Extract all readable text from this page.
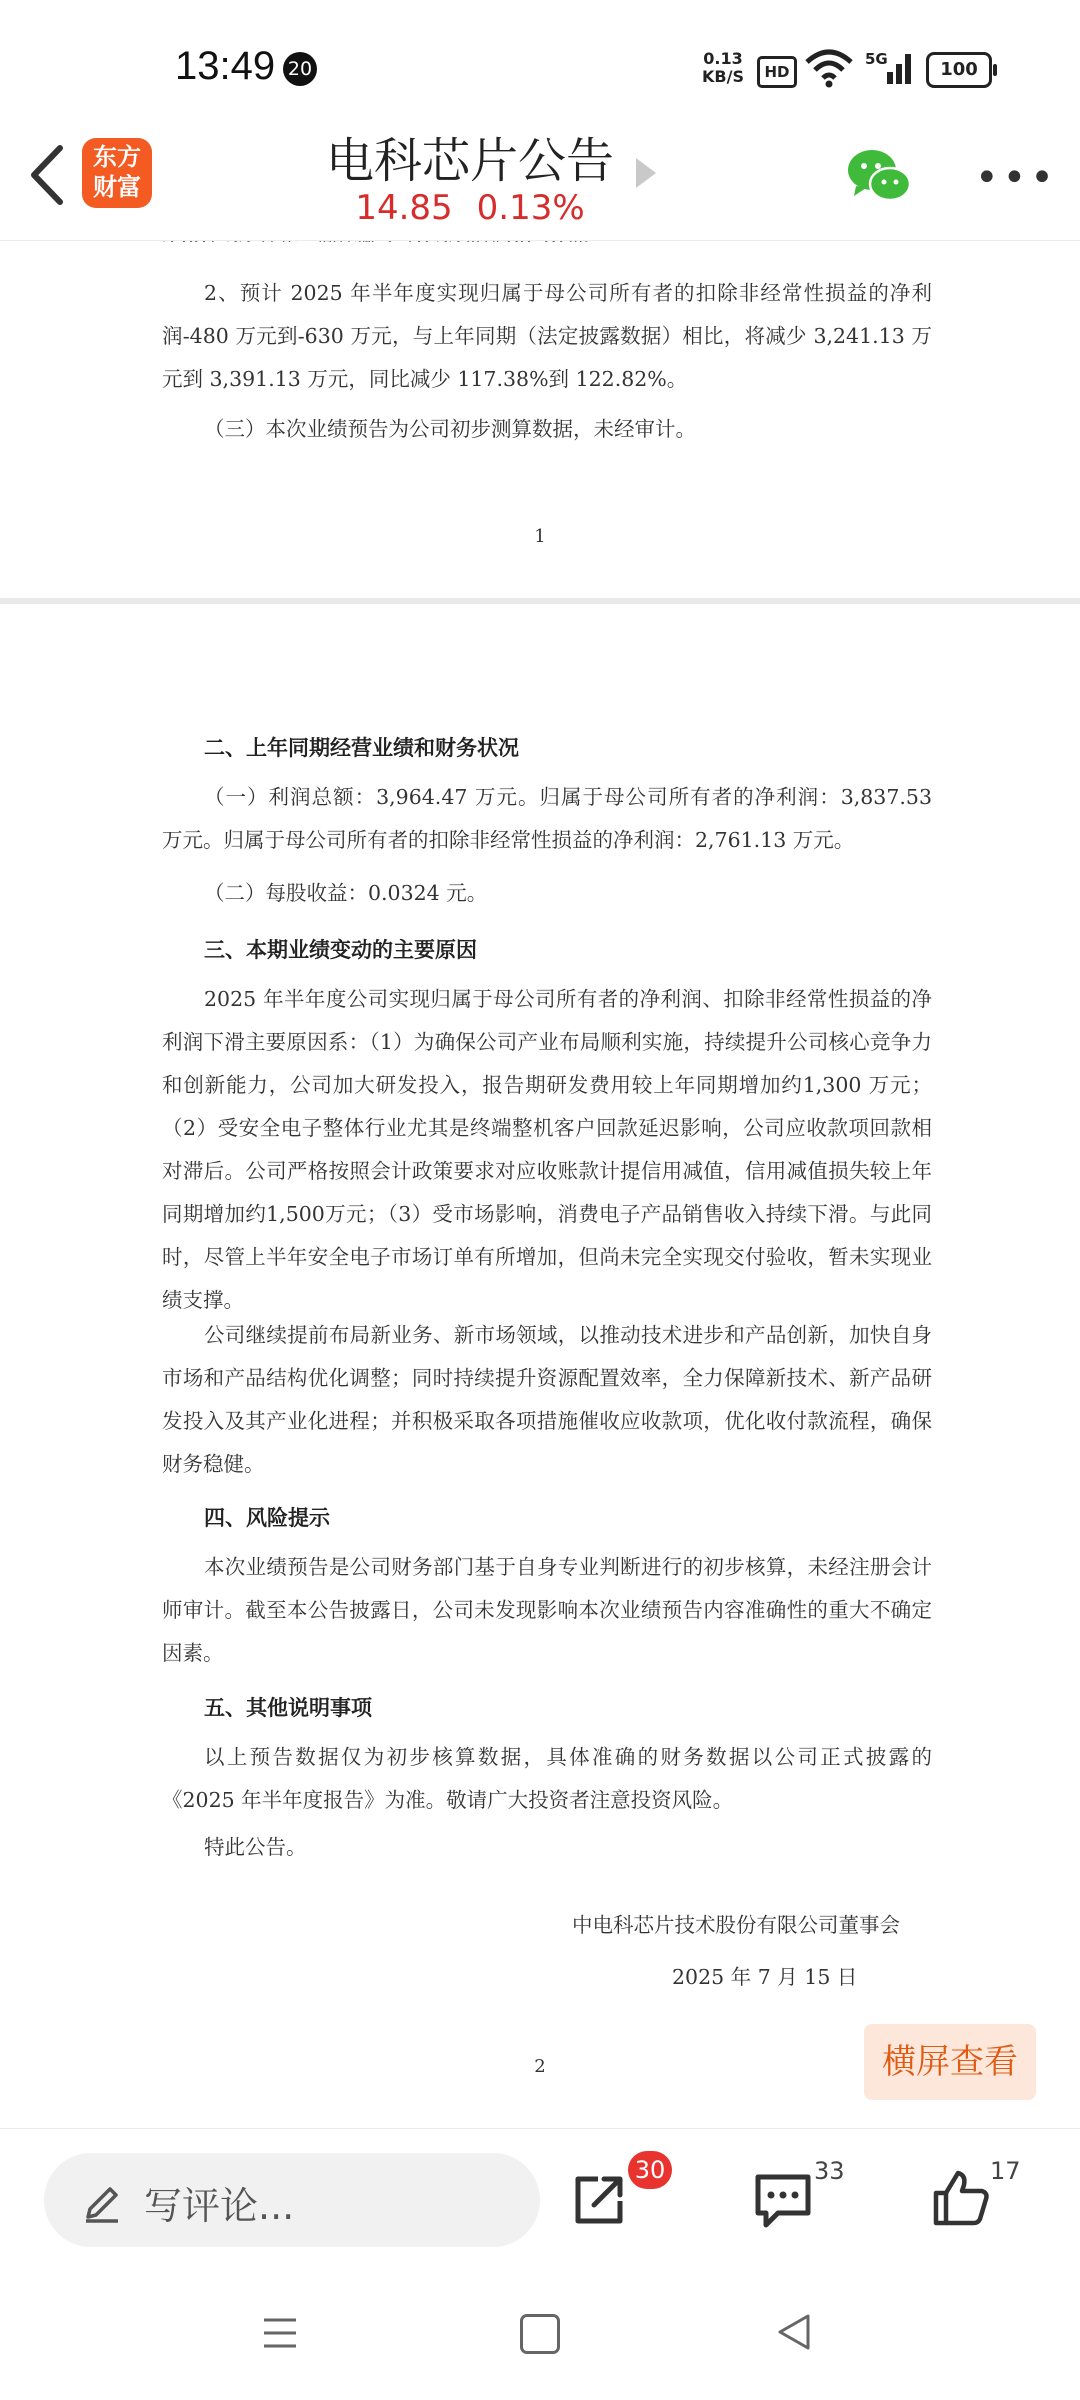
13:49 20	0.13
KB/S	HD
5G	100
东方
财富	电科芯片公告
14.85 0.13%
•••

2、预计 2025 年半年度实现归属于母公司所有者的扣除非经常性损益的净利润-480 万元到-630 万元，与上年同期（法定披露数据）相比，将减少 3,241.13 万元到 3,391.13 万元，同比减少 117.38%到 122.82%。

（三）本次业绩预告为公司初步测算数据，未经审计。

1
二、上年同期经营业绩和财务状况

（一）利润总额：3,964.47 万元。归属于母公司所有者的净利润：3,837.53 万元。归属于母公司所有者的扣除非经常性损益的净利润：2,761.13 万元。

（二）每股收益：0.0324 元。

三、本期业绩变动的主要原因

2025 年半年度公司实现归属于母公司所有者的净利润、扣除非经常性损益的净利润下滑主要原因系：（1）为确保公司产业布局顺利实施，持续提升公司核心竞争力和创新能力，公司加大研发投入，报告期研发费用较上年同期增加约1,300 万元；（2）受安全电子整体行业尤其是终端整机客户回款延迟影响，公司应收款项回款相对滞后。公司严格按照会计政策要求对应收账款计提信用减值，信用减值损失较上年同期增加约1,500万元；（3）受市场影响，消费电子产品销售收入持续下滑。与此同时，尽管上半年安全电子市场订单有所增加，但尚未完全实现交付验收，暂未实现业绩支撑。

公司继续提前布局新业务、新市场领域，以推动技术进步和产品创新，加快自身市场和产品结构优化调整；同时持续提升资源配置效率，全力保障新技术、新产品研发投入及其产业化进程；并积极采取各项措施催收应收款项，优化收付款流程，确保财务稳健。

四、风险提示

本次业绩预告是公司财务部门基于自身专业判断进行的初步核算，未经注册会计师审计。截至本公告披露日，公司未发现影响本次业绩预告内容准确性的重大不确定因素。

五、其他说明事项

以上预告数据仅为初步核算数据，具体准确的财务数据以公司正式披露的《2025 年半年度报告》为准。敬请广大投资者注意投资风险。

特此公告。

中电科芯片技术股份有限公司董事会
2025 年 7 月 15 日
2	横屏查看
写评论...
30	33	17
